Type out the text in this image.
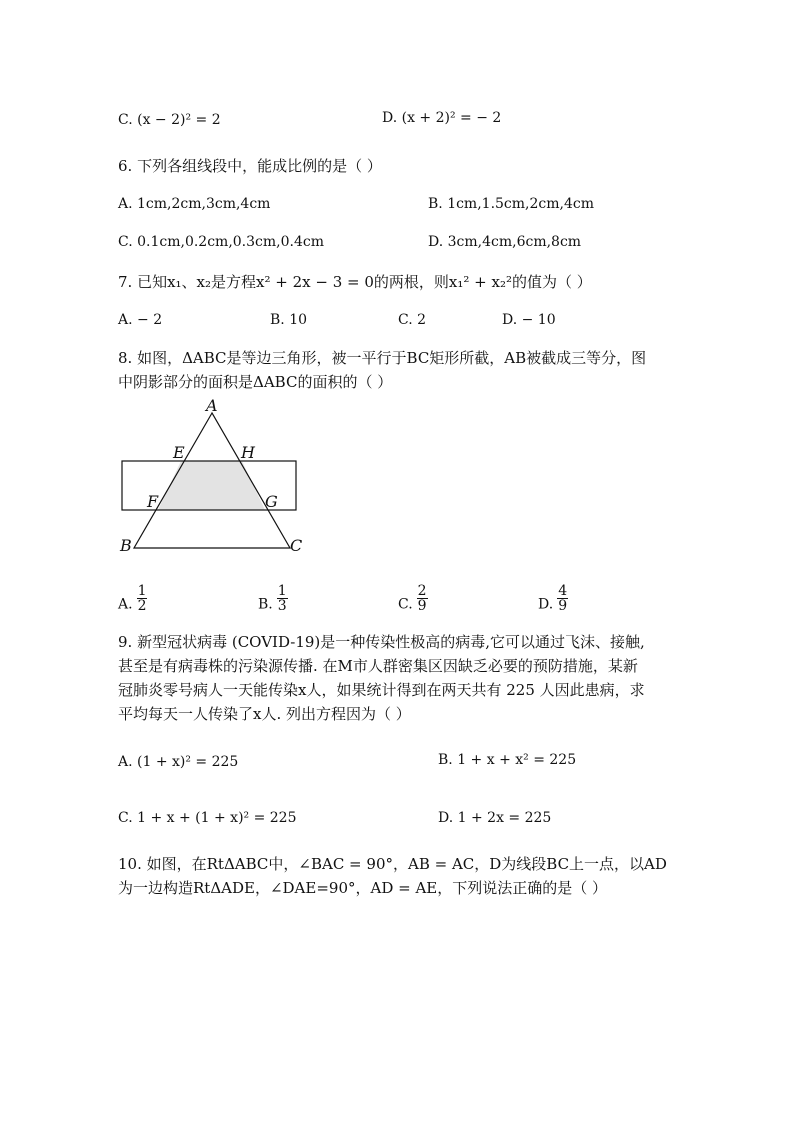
C. (x − 2)² = 2	D. (x + 2)² = − 2
6. 下列各组线段中，能成比例的是（ ）
A. 1cm,2cm,3cm,4cm	B. 1cm,1.5cm,2cm,4cm
C. 0.1cm,0.2cm,0.3cm,0.4cm	D. 3cm,4cm,6cm,8cm
7. 已知x₁、x₂是方程x² + 2x − 3 = 0的两根，则x₁² + x₂²的值为（ ）
A. − 2	B. 10	C. 2	D. − 10
8. 如图，ΔABC是等边三角形，被一平行于BC矩形所截，AB被截成三等分，图
中阴影部分的面积是ΔABC的面积的（ ）
A
E	H
F	G
B	C
A. $\frac{1}{2}$	B. $\frac{1}{3}$	C. $\frac{2}{9}$	D. $\frac{4}{9}$
9. 新型冠状病毒 (COVID-19)是一种传染性极高的病毒,它可以通过飞沫、接触,
甚至是有病毒株的污染源传播. 在M市人群密集区因缺乏必要的预防措施，某新
冠肺炎零号病人一天能传染x人，如果统计得到在两天共有 225 人因此患病，求
平均每天一人传染了x人. 列出方程因为（ ）
A. (1 + x)² = 225	B. 1 + x + x² = 225
C. 1 + x + (1 + x)² = 225	D. 1 + 2x = 225
10. 如图，在RtΔABC中，∠BAC = 90°，AB = AC，D为线段BC上一点，以AD
为一边构造RtΔADE，∠DAE=90°，AD = AE，下列说法正确的是（ ）
